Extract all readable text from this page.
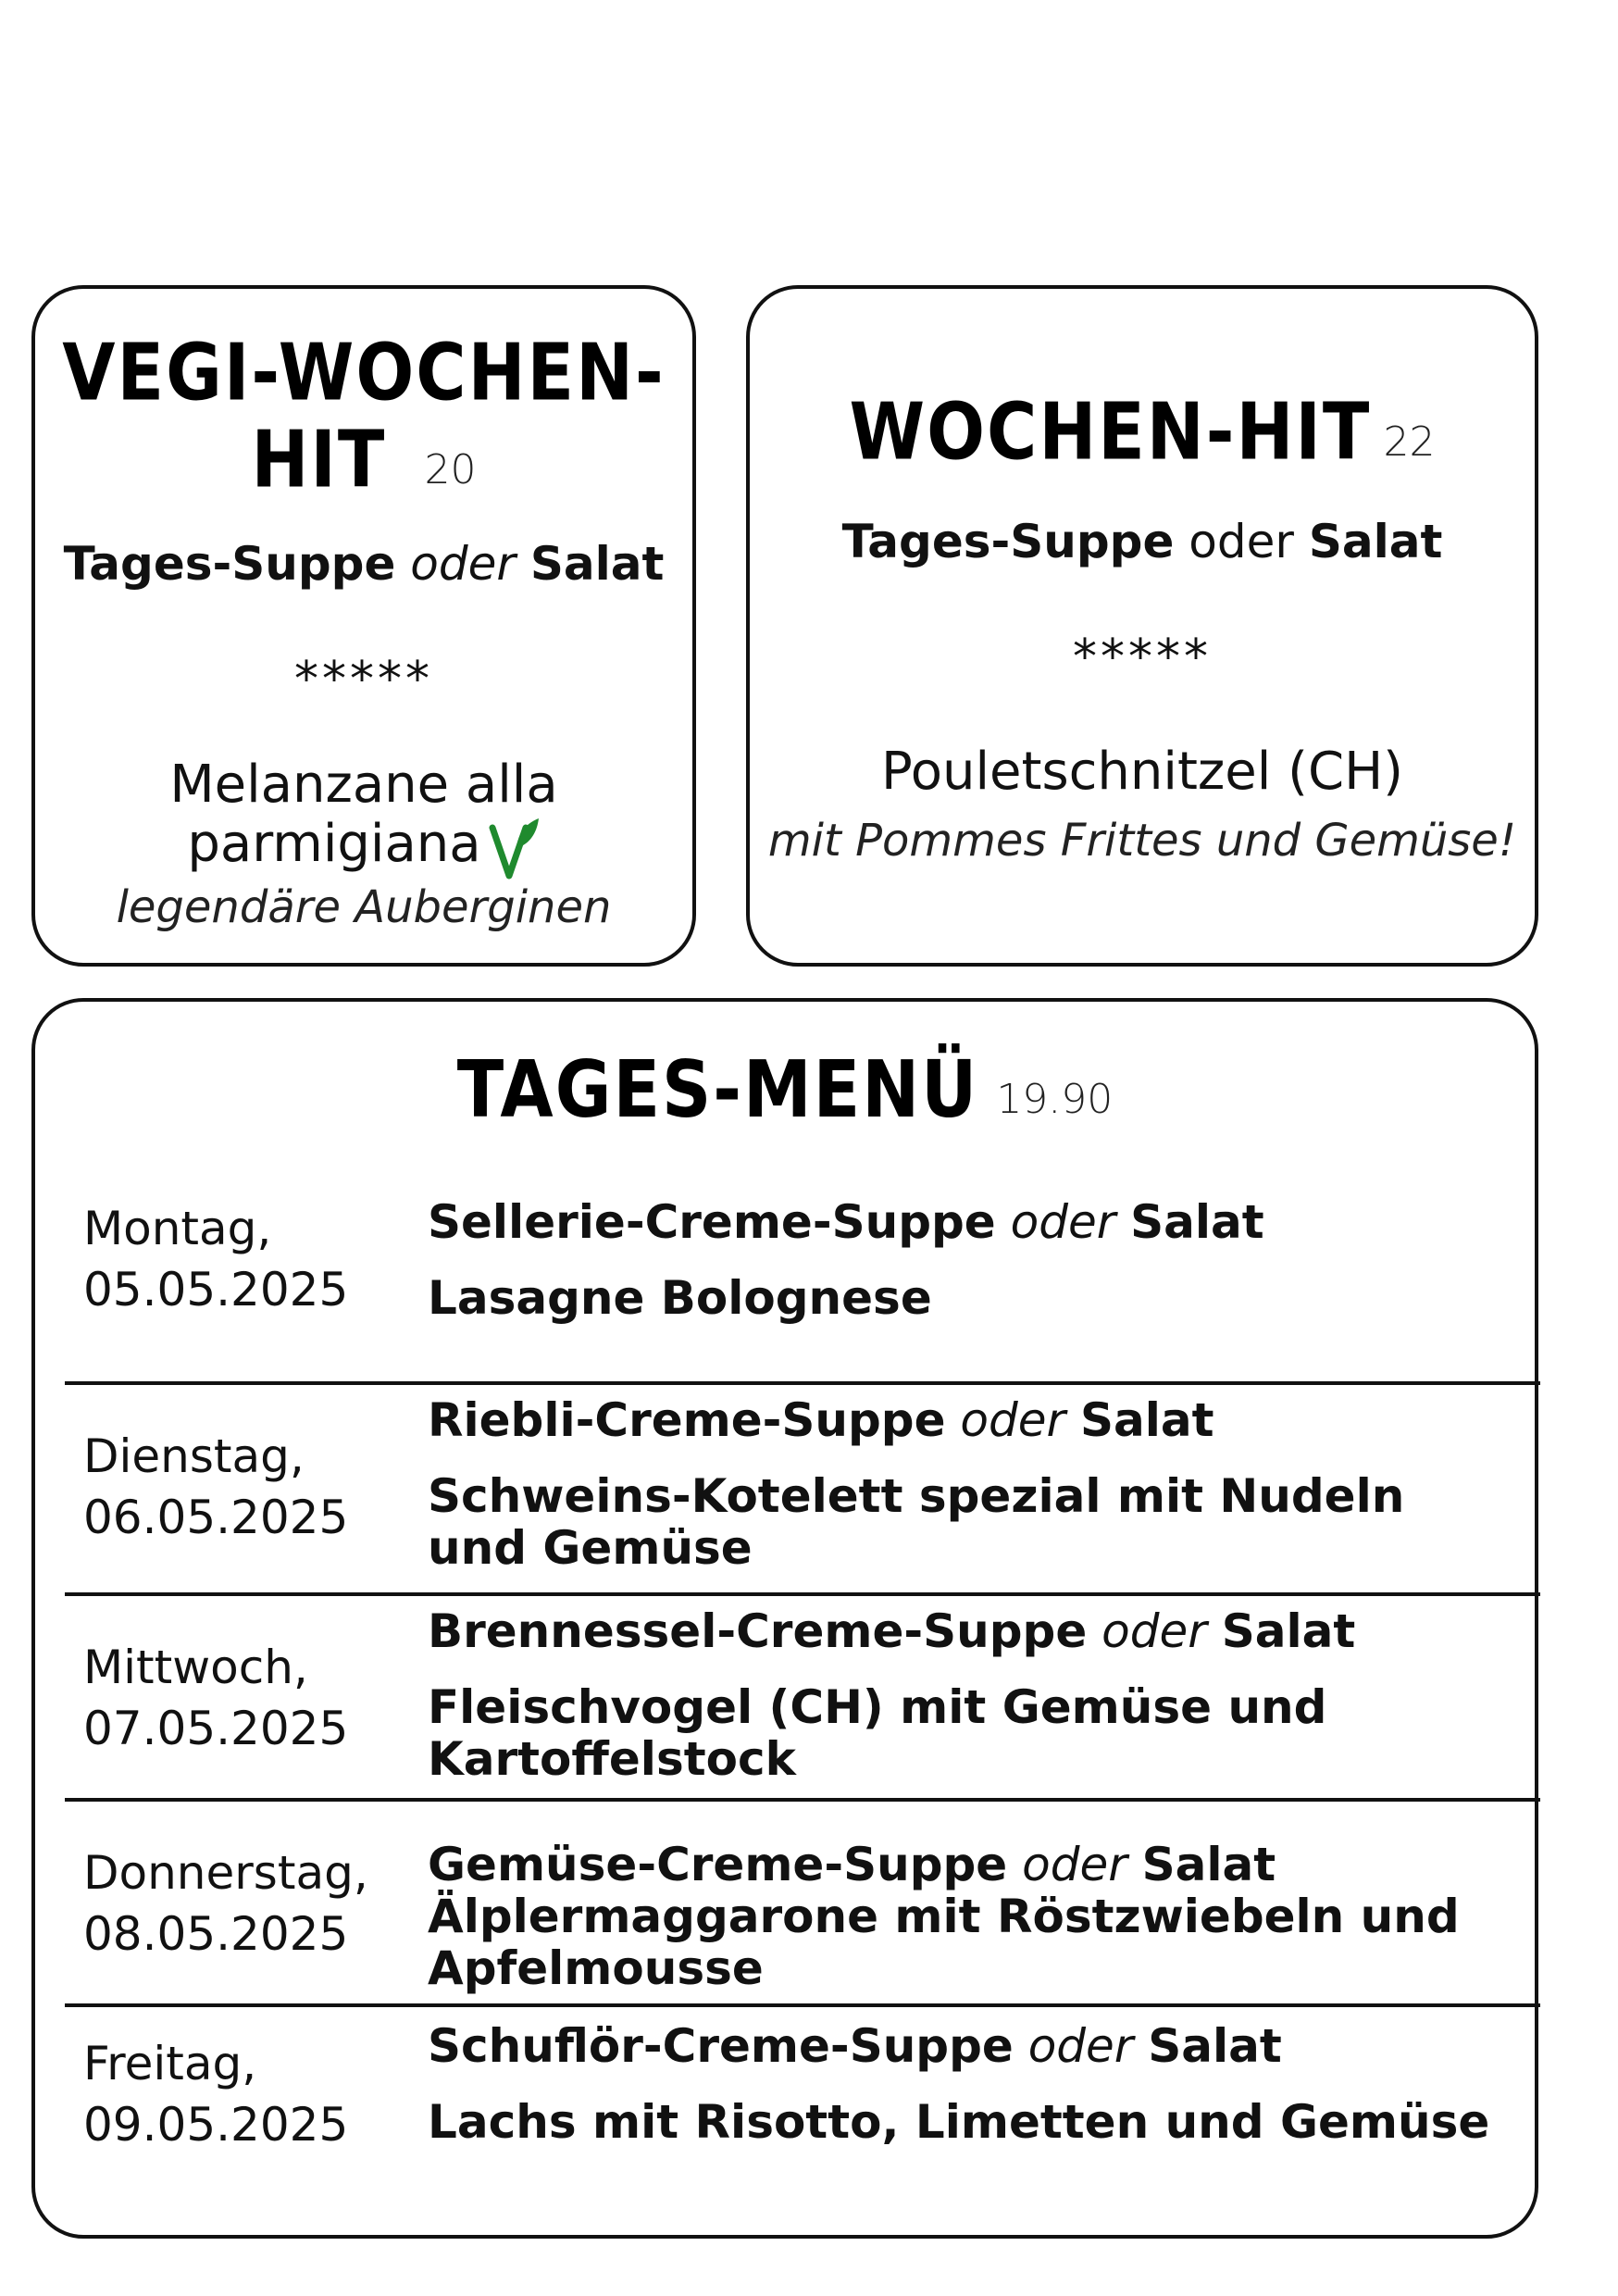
VEGI-WOCHEN-
HIT 20
Tages-Suppe oder Salat
*****
Melanzane alla
parmigiana
legendäre Auberginen
WOCHEN-HIT 22
Tages-Suppe oder Salat
*****
Pouletschnitzel (CH)
mit Pommes Frittes und Gemüse!
TAGES-MENÜ 19.90
Montag,
05.05.2025
Sellerie-Creme-Suppe oder Salat
Lasagne Bolognese
Dienstag,
06.05.2025
Riebli-Creme-Suppe oder Salat
Schweins-Kotelett spezial mit Nudeln und Gemüse
Mittwoch,
07.05.2025
Brennessel-Creme-Suppe oder Salat
Fleischvogel (CH) mit Gemüse und Kartoffelstock
Donnerstag,
08.05.2025
Gemüse-Creme-Suppe oder Salat
Älplermaggarone mit Röstzwiebeln und Apfelmousse
Freitag,
09.05.2025
Schuflör-Creme-Suppe oder Salat
Lachs mit Risotto, Limetten und Gemüse
